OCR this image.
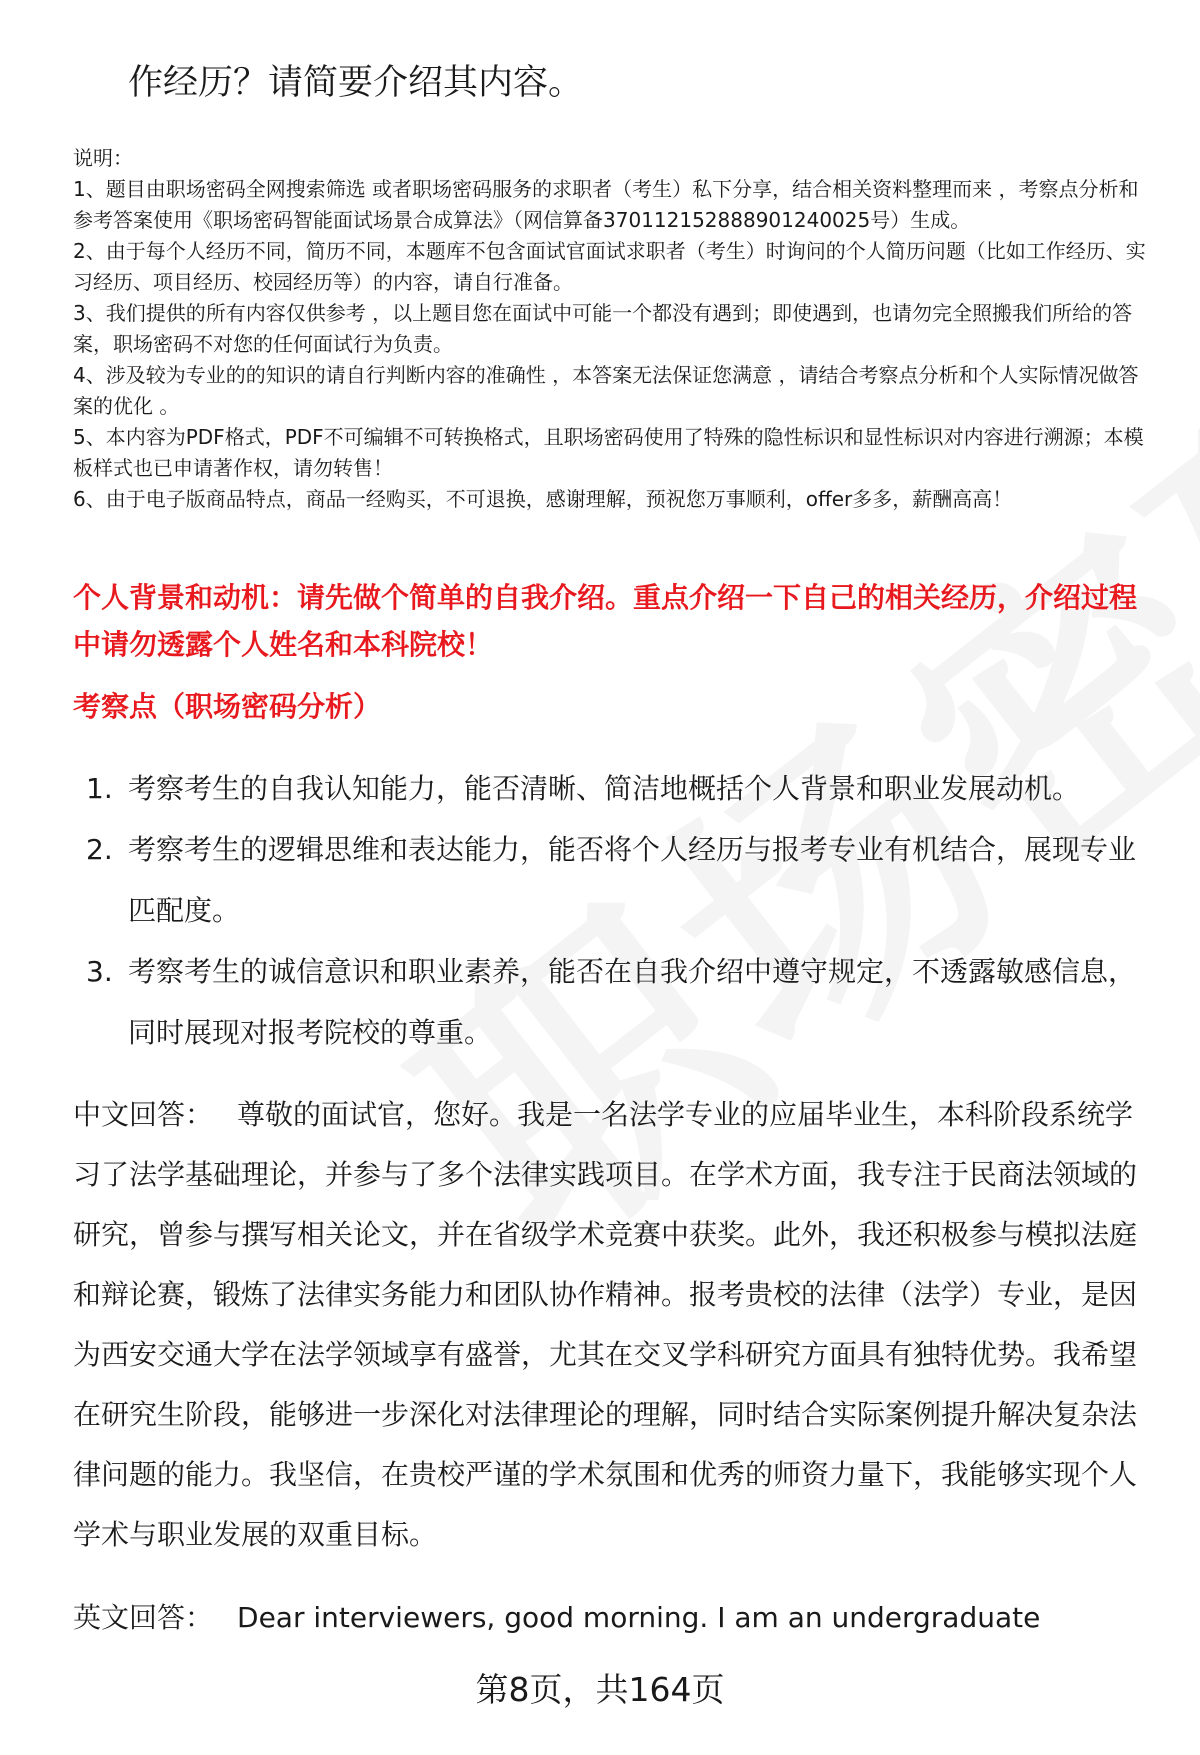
作经历？请简要介绍其内容。
说明：
1、题目由职场密码全网搜索筛选 或者职场密码服务的求职者（考生）私下分享，结合相关资料整理而来 ，考察点分析和参考答案使用《职场密码智能面试场景合成算法》（网信算备370112152888901240025号）生成。
2、由于每个人经历不同，简历不同，本题库不包含面试官面试求职者（考生）时询问的个人简历问题（比如工作经历、实习经历、项目经历、校园经历等）的内容，请自行准备。
3、我们提供的所有内容仅供参考 ，以上题目您在面试中可能一个都没有遇到；即使遇到，也请勿完全照搬我们所给的答案，职场密码不对您的任何面试行为负责。
4、涉及较为专业的的知识的请自行判断内容的准确性 ，本答案无法保证您满意 ，请结合考察点分析和个人实际情况做答案的优化 。
5、本内容为PDF格式，PDF不可编辑不可转换格式，且职场密码使用了特殊的隐性标识和显性标识对内容进行溯源；本模板样式也已申请著作权，请勿转售！
6、由于电子版商品特点，商品一经购买，不可退换，感谢理解，预祝您万事顺利，offer多多，薪酬高高！
个人背景和动机：请先做个简单的自我介绍。重点介绍一下自己的相关经历，介绍过程中请勿透露个人姓名和本科院校！
考察点（职场密码分析）
1. 考察考生的自我认知能力，能否清晰、简洁地概括个人背景和职业发展动机。
2. 考察考生的逻辑思维和表达能力，能否将个人经历与报考专业有机结合，展现专业匹配度。
3. 考察考生的诚信意识和职业素养，能否在自我介绍中遵守规定，不透露敏感信息，同时展现对报考院校的尊重。

中文回答： 尊敬的面试官，您好。我是一名法学专业的应届毕业生，本科阶段系统学习了法学基础理论，并参与了多个法律实践项目。在学术方面，我专注于民商法领域的研究，曾参与撰写相关论文，并在省级学术竞赛中获奖。此外，我还积极参与模拟法庭和辩论赛，锻炼了法律实务能力和团队协作精神。报考贵校的法律（法学）专业，是因为西安交通大学在法学领域享有盛誉，尤其在交叉学科研究方面具有独特优势。我希望在研究生阶段，能够进一步深化对法律理论的理解，同时结合实际案例提升解决复杂法律问题的能力。我坚信，在贵校严谨的学术氛围和优秀的师资力量下，我能够实现个人学术与职业发展的双重目标。

英文回答： Dear interviewers, good morning. I am an undergraduate

第8页，共164页
